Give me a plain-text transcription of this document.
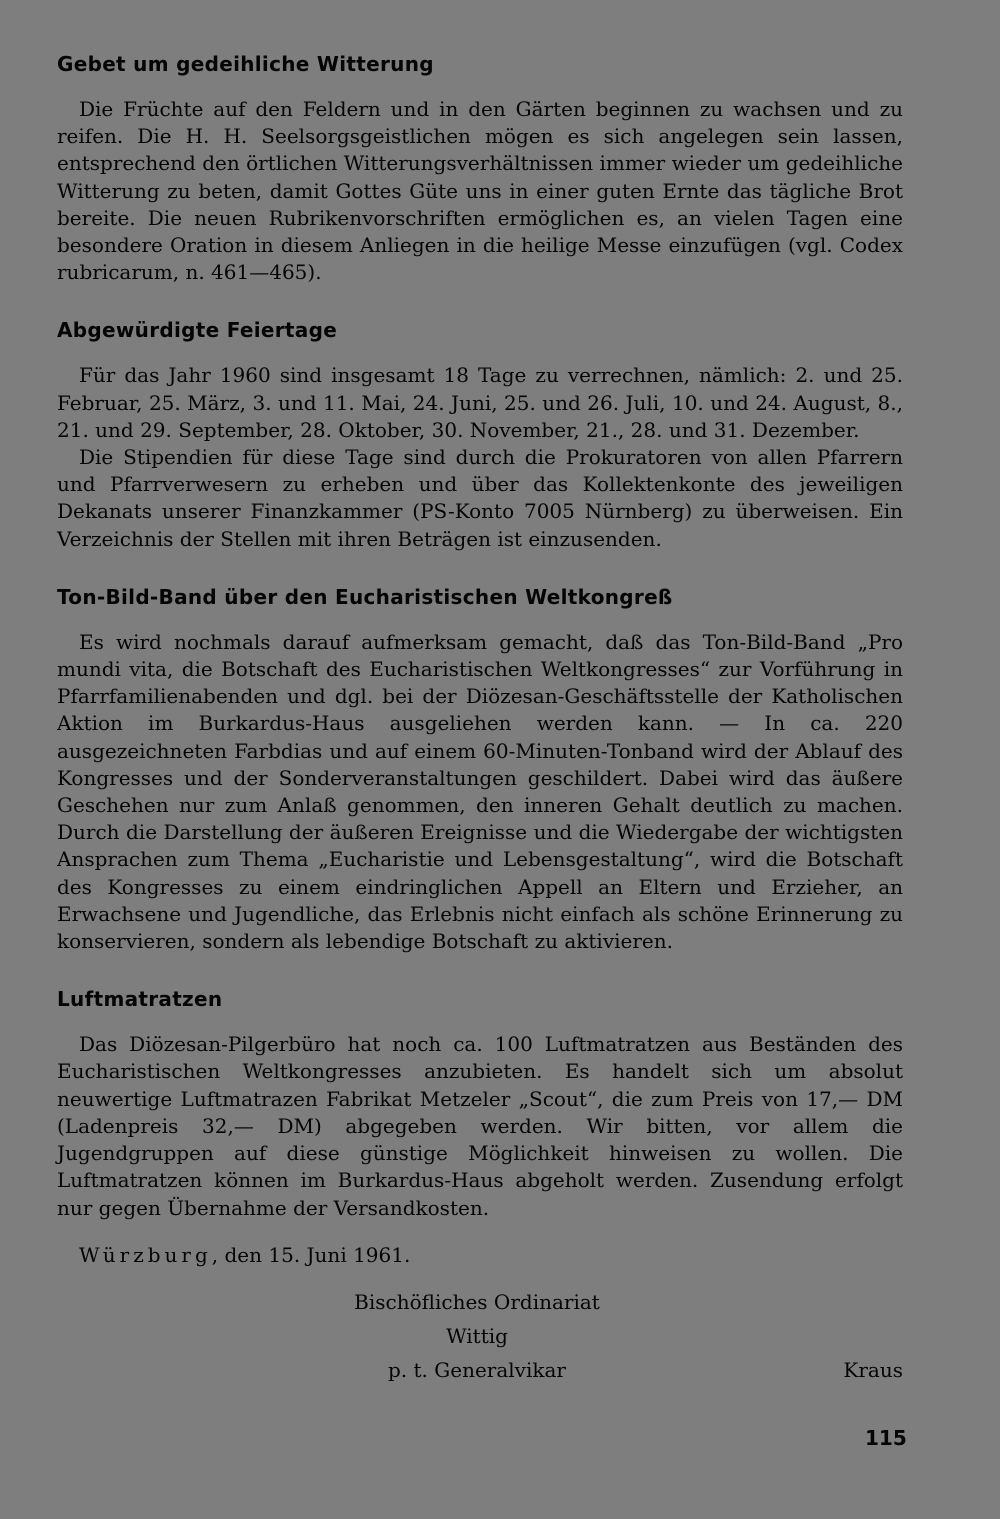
Gebet um gedeihliche Witterung

Die Früchte auf den Feldern und in den Gärten beginnen zu wachsen und zu reifen. Die H. H. Seelsorgsgeistlichen mögen es sich angelegen sein lassen, entsprechend den örtlichen Witterungsverhältnissen immer wieder um gedeihliche Witterung zu beten, damit Gottes Güte uns in einer guten Ernte das tägliche Brot bereite. Die neuen Rubrikenvorschriften ermöglichen es, an vielen Tagen eine besondere Oration in diesem Anliegen in die heilige Messe einzufügen (vgl. Codex rubricarum, n. 461—465).

Abgewürdigte Feiertage

Für das Jahr 1960 sind insgesamt 18 Tage zu verrechnen, nämlich: 2. und 25. Februar, 25. März, 3. und 11. Mai, 24. Juni, 25. und 26. Juli, 10. und 24. August, 8., 21. und 29. September, 28. Oktober, 30. November, 21., 28. und 31. Dezember.

Die Stipendien für diese Tage sind durch die Prokuratoren von allen Pfarrern und Pfarrverwesern zu erheben und über das Kollektenkonte des jeweiligen Dekanats unserer Finanzkammer (PS-Konto 7005 Nürnberg) zu überweisen. Ein Verzeichnis der Stellen mit ihren Beträgen ist einzusenden.

Ton-Bild-Band über den Eucharistischen Weltkongreß

Es wird nochmals darauf aufmerksam gemacht, daß das Ton-Bild-Band „Pro mundi vita, die Botschaft des Eucharistischen Weltkongresses“ zur Vorführung in Pfarrfamilienabenden und dgl. bei der Diözesan-Geschäftsstelle der Katholischen Aktion im Burkardus-Haus ausgeliehen werden kann. — In ca. 220 ausgezeichneten Farbdias und auf einem 60-Minuten-Tonband wird der Ablauf des Kongresses und der Sonderveranstaltungen geschildert. Dabei wird das äußere Geschehen nur zum Anlaß genommen, den inneren Gehalt deutlich zu machen. Durch die Darstellung der äußeren Ereignisse und die Wiedergabe der wichtigsten Ansprachen zum Thema „Eucharistie und Lebensgestaltung“, wird die Botschaft des Kongresses zu einem eindringlichen Appell an Eltern und Erzieher, an Erwachsene und Jugendliche, das Erlebnis nicht einfach als schöne Erinnerung zu konservieren, sondern als lebendige Botschaft zu aktivieren.

Luftmatratzen

Das Diözesan-Pilgerbüro hat noch ca. 100 Luftmatratzen aus Beständen des Eucharistischen Weltkongresses anzubieten. Es handelt sich um absolut neuwertige Luftmatrazen Fabrikat Metzeler „Scout“, die zum Preis von 17,— DM (Ladenpreis 32,— DM) abgegeben werden. Wir bitten, vor allem die Jugendgruppen auf diese günstige Möglichkeit hinweisen zu wollen. Die Luftmatratzen können im Burkardus-Haus abgeholt werden. Zusendung erfolgt nur gegen Übernahme der Versandkosten.

Würzburg, den 15. Juni 1961.
Bischöfliches Ordinariat
Wittig
p. t. Generalvikar	Kraus
115
